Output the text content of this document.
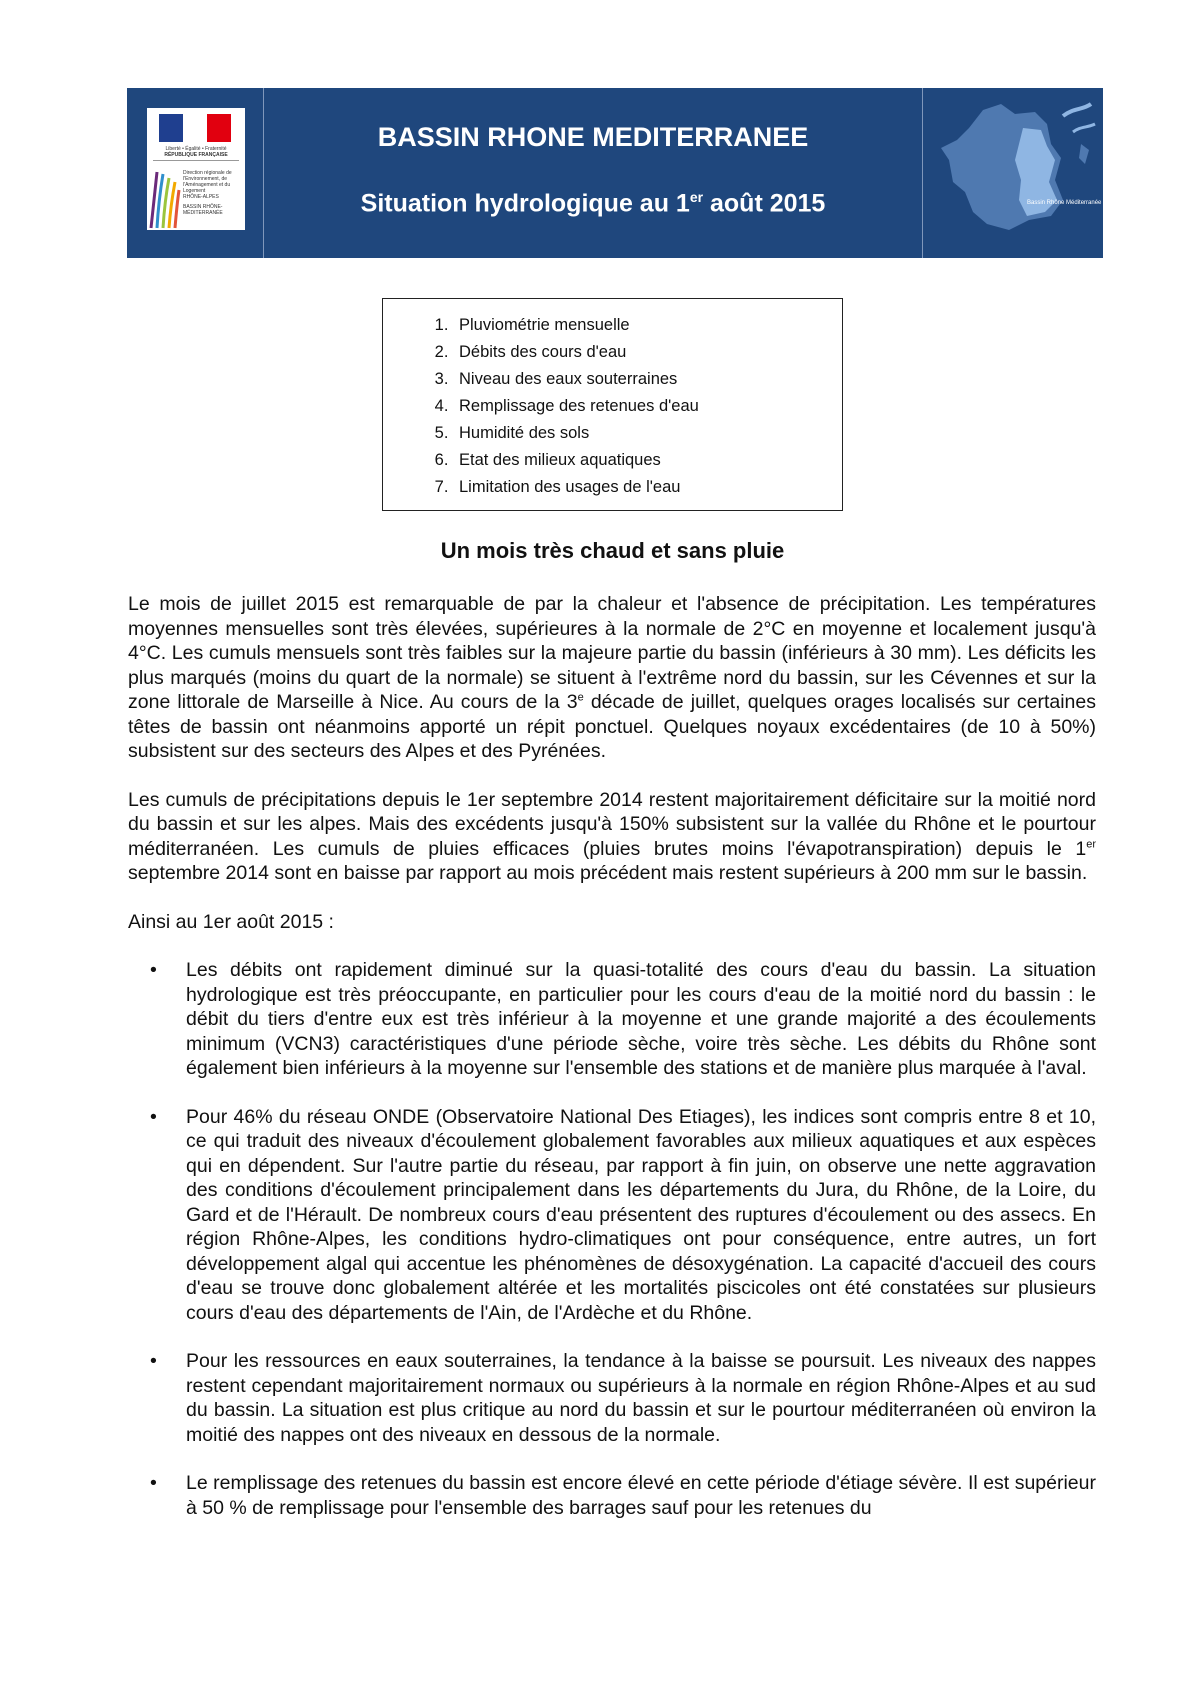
Liberté • Égalité • Fraternité
RÉPUBLIQUE FRANÇAISE
Direction régionale de l'Environnement, de l'Aménagement et du Logement
RHÔNE-ALPES
BASSIN RHÔNE-MÉDITERRANÉE
BASSIN RHONE MEDITERRANEE
Situation hydrologique au 1er août 2015	Bassin Rhône Méditerranée
1. Pluviométrie mensuelle
2. Débits des cours d'eau
3. Niveau des eaux souterraines
4. Remplissage des retenues d'eau
5. Humidité des sols
6. Etat des milieux aquatiques
7. Limitation des usages de l'eau
Un mois très chaud et sans pluie

Le mois de juillet 2015 est remarquable de par la chaleur et l'absence de précipitation. Les températures moyennes mensuelles sont très élevées, supérieures à la normale de 2°C en moyenne et localement jusqu'à 4°C. Les cumuls mensuels sont très faibles sur la majeure partie du bassin (inférieurs à 30 mm). Les déficits les plus marqués (moins du quart de la normale) se situent à l'extrême nord du bassin, sur les Cévennes et sur la zone littorale de Marseille à Nice. Au cours de la 3e décade de juillet, quelques orages localisés sur certaines têtes de bassin ont néanmoins apporté un répit ponctuel. Quelques noyaux excédentaires (de 10 à 50%) subsistent sur des secteurs des Alpes et des Pyrénées.

Les cumuls de précipitations depuis le 1er septembre 2014 restent majoritairement déficitaire sur la moitié nord du bassin et sur les alpes. Mais des excédents jusqu'à 150% subsistent sur la vallée du Rhône et le pourtour méditerranéen. Les cumuls de pluies efficaces (pluies brutes moins l'évapotranspiration) depuis le 1er septembre 2014 sont en baisse par rapport au mois précédent mais restent supérieurs à 200 mm sur le bassin.

Ainsi au 1er août 2015 :

• Les débits ont rapidement diminué sur la quasi-totalité des cours d'eau du bassin. La situation hydrologique est très préoccupante, en particulier pour les cours d'eau de la moitié nord du bassin : le débit du tiers d'entre eux est très inférieur à la moyenne et une grande majorité a des écoulements minimum (VCN3) caractéristiques d'une période sèche, voire très sèche. Les débits du Rhône sont également bien inférieurs à la moyenne sur l'ensemble des stations et de manière plus marquée à l'aval.
• Pour 46% du réseau ONDE (Observatoire National Des Etiages), les indices sont compris entre 8 et 10, ce qui traduit des niveaux d'écoulement globalement favorables aux milieux aquatiques et aux espèces qui en dépendent. Sur l'autre partie du réseau, par rapport à fin juin, on observe une nette aggravation des conditions d'écoulement principalement dans les départements du Jura, du Rhône, de la Loire, du Gard et de l'Hérault. De nombreux cours d'eau présentent des ruptures d'écoulement ou des assecs. En région Rhône-Alpes, les conditions hydro-climatiques ont pour conséquence, entre autres, un fort développement algal qui accentue les phénomènes de désoxygénation. La capacité d'accueil des cours d'eau se trouve donc globalement altérée et les mortalités piscicoles ont été constatées sur plusieurs cours d'eau des départements de l'Ain, de l'Ardèche et du Rhône.
• Pour les ressources en eaux souterraines, la tendance à la baisse se poursuit. Les niveaux des nappes restent cependant majoritairement normaux ou supérieurs à la normale en région Rhône-Alpes et au sud du bassin. La situation est plus critique au nord du bassin et sur le pourtour méditerranéen où environ la moitié des nappes ont des niveaux en dessous de la normale.
• Le remplissage des retenues du bassin est encore élevé en cette période d'étiage sévère. Il est supérieur à 50 % de remplissage pour l'ensemble des barrages sauf pour les retenues du
